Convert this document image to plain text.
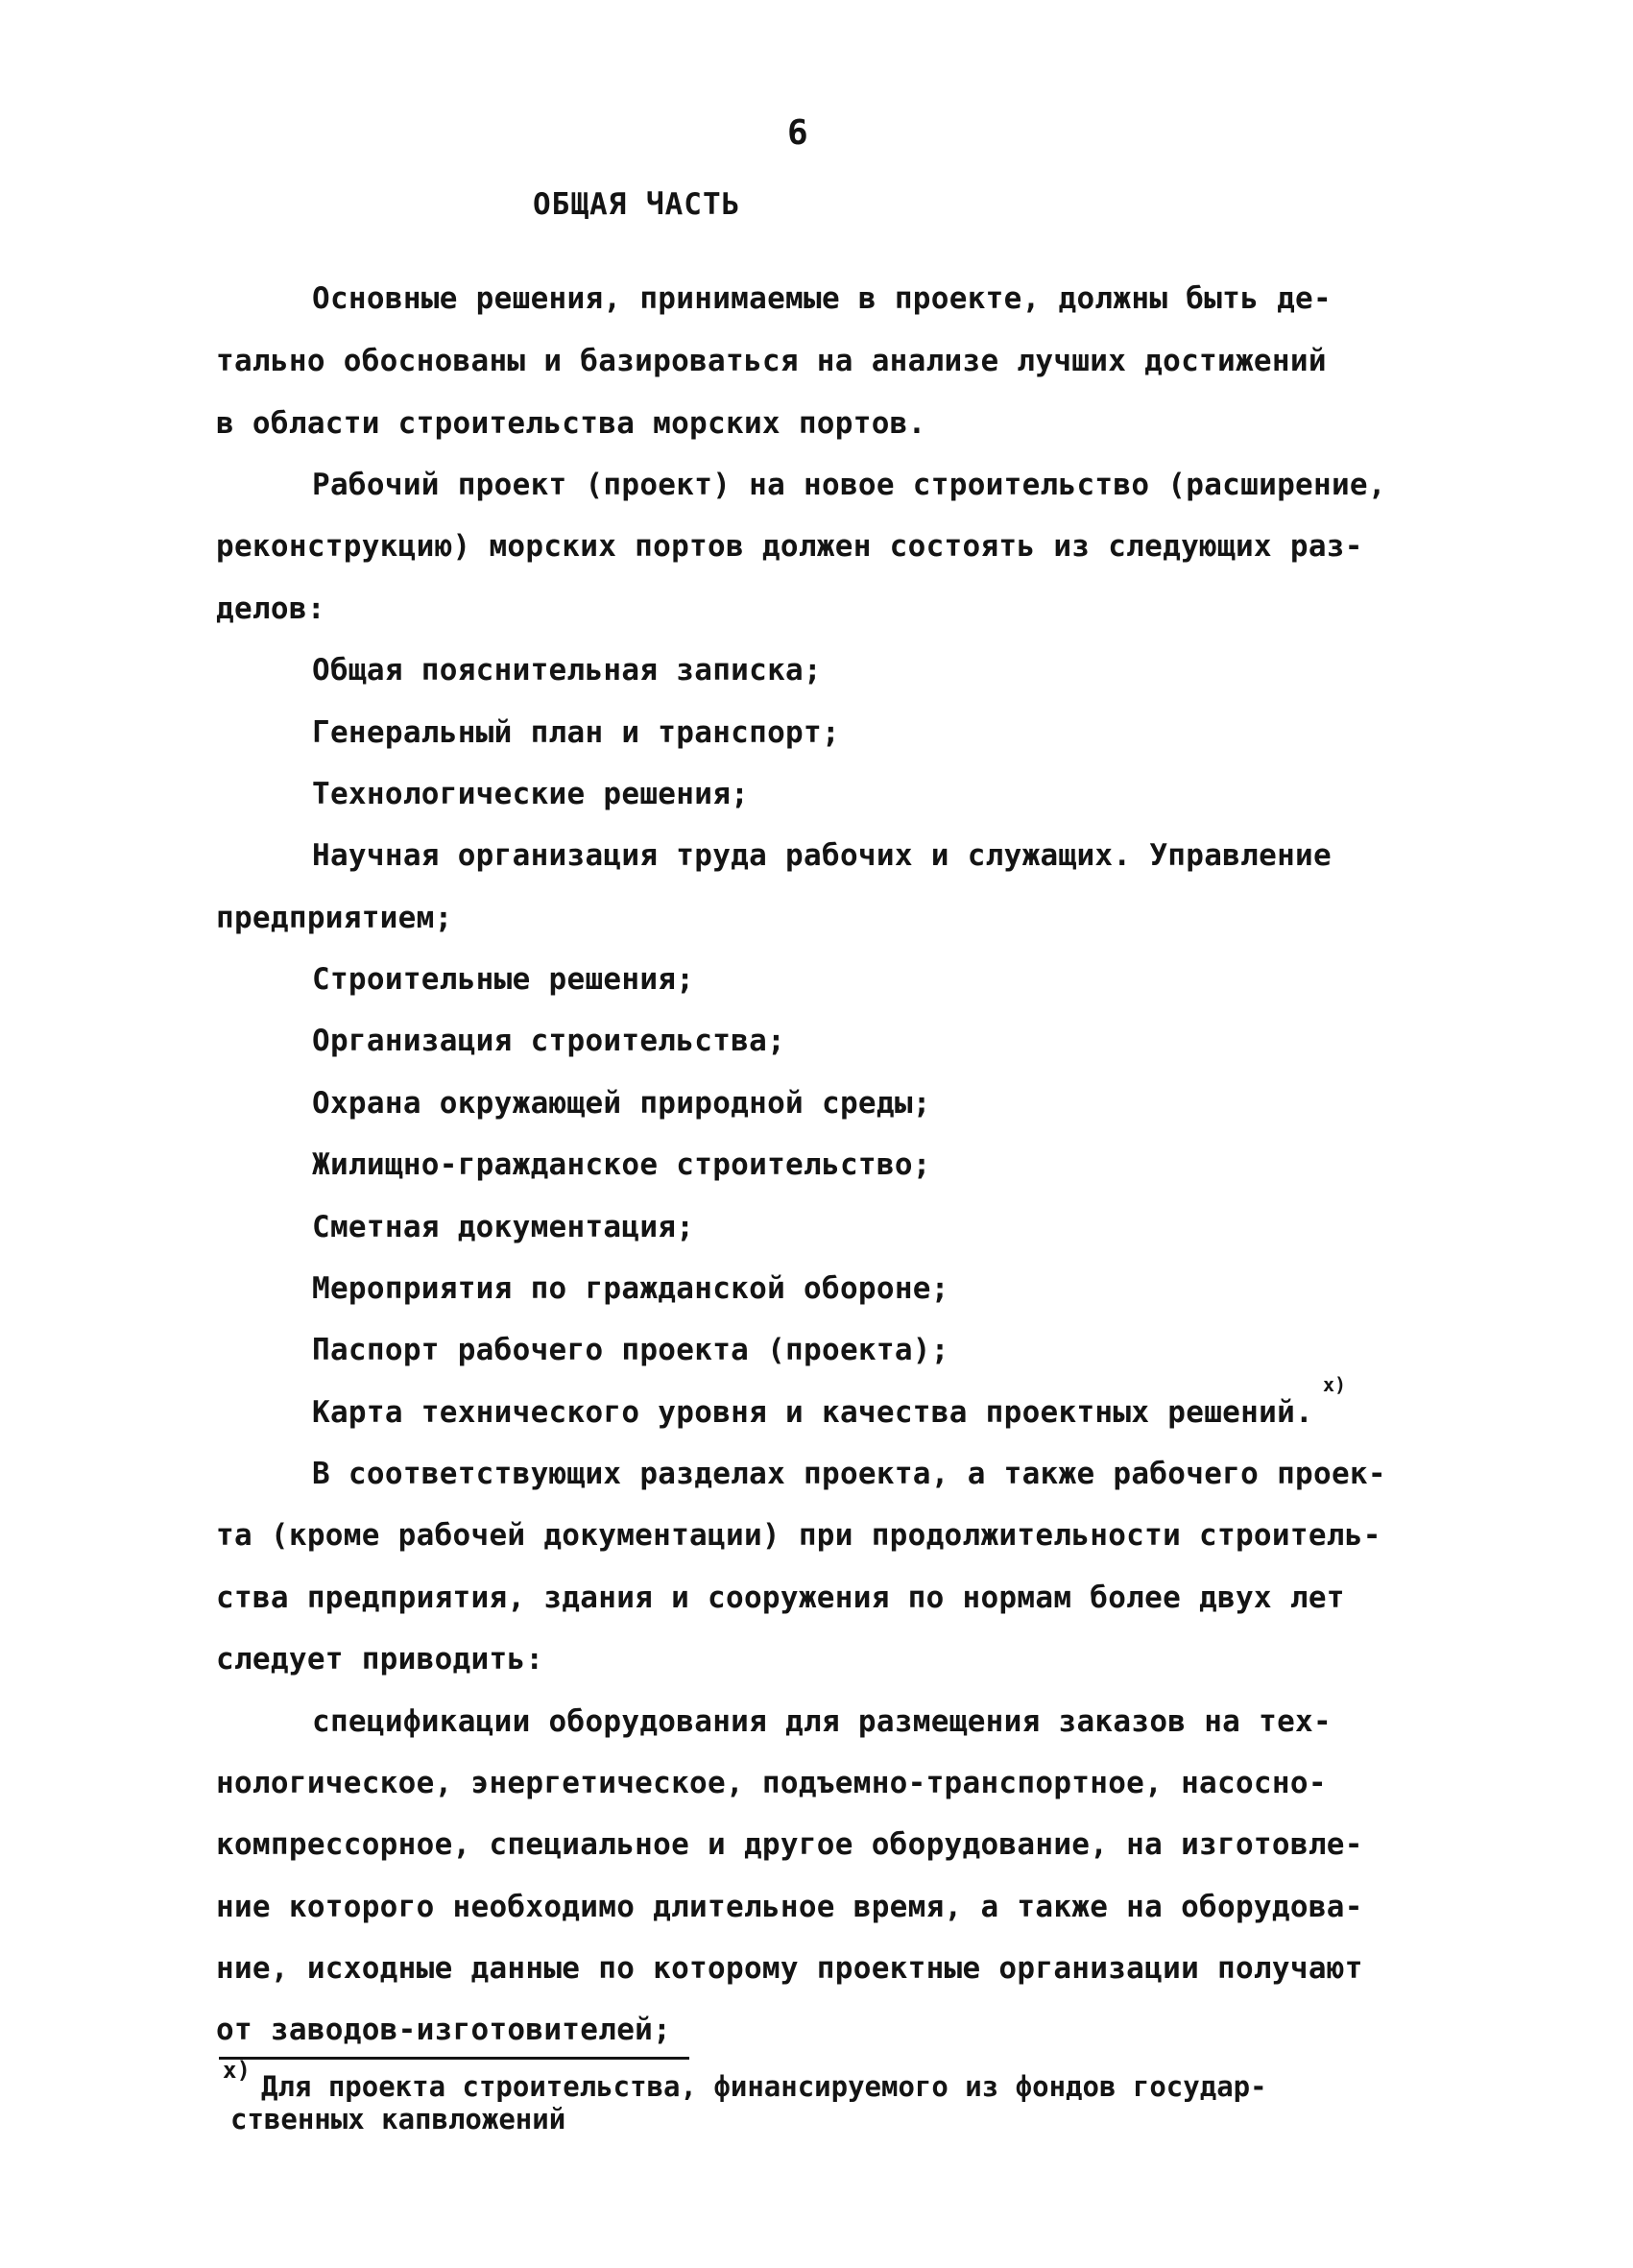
6
ОБЩАЯ ЧАСТЬ
Основные решения, принимаемые в проекте, должны быть де-
тально обоснованы и базироваться на анализе лучших достижений
в области строительства морских портов.
Рабочий проект (проект) на новое строительство (расширение,
реконструкцию) морских портов должен состоять из следующих раз-
делов:
Общая пояснительная записка;
Генеральный план и транспорт;
Технологические решения;
Научная организация труда рабочих и служащих. Управление
предприятием;
Строительные решения;
Организация строительства;
Охрана окружающей природной среды;
Жилищно-гражданское строительство;
Сметная документация;
Мероприятия по гражданской обороне;
Паспорт рабочего проекта (проекта);
Карта технического уровня и качества проектных решений.
х)
В соответствующих разделах проекта, а также рабочего проек-
та (кроме рабочей документации) при продолжительности строитель-
ства предприятия, здания и сооружения по нормам более двух лет
следует приводить:
спецификации оборудования для размещения заказов на тех-
нологическое, энергетическое, подъемно-транспортное, насосно-
компрессорное, специальное и другое оборудование, на изготовле-
ние которого необходимо длительное время, а также на оборудова-
ние, исходные данные по которому проектные организации получают
от заводов-изготовителей;
х) Для проекта строительства, финансируемого из фондов государ-
ственных капвложений
